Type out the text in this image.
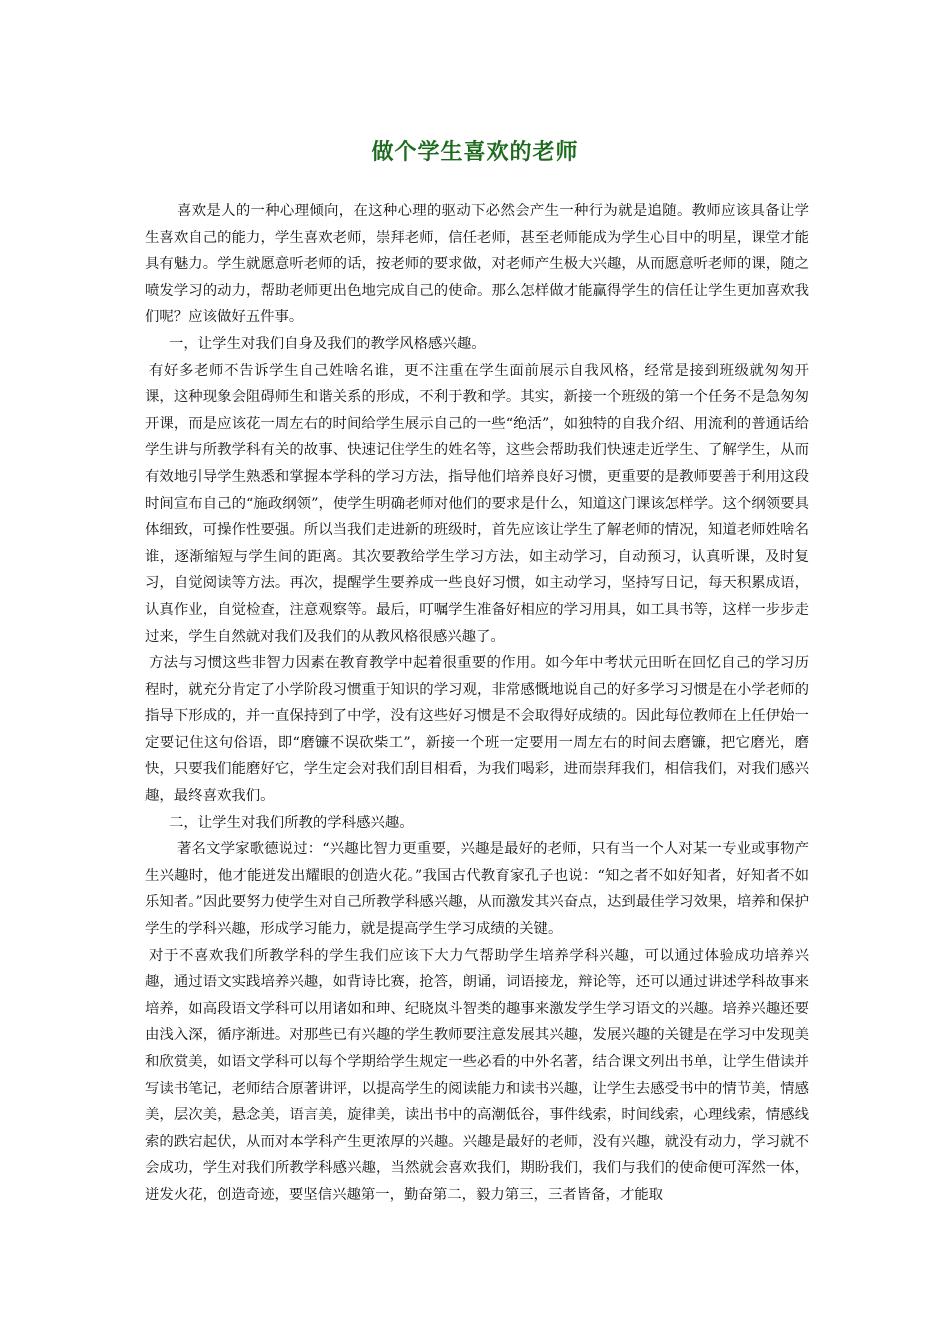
做个学生喜欢的老师

喜欢是人的一种心理倾向，在这种心理的驱动下必然会产生一种行为就是追随。教师应该具备让学生喜欢自己的能力，学生喜欢老师，崇拜老师，信任老师，甚至老师能成为学生心目中的明星，课堂才能具有魅力。学生就愿意听老师的话，按老师的要求做，对老师产生极大兴趣，从而愿意听老师的课，随之喷发学习的动力，帮助老师更出色地完成自己的使命。那么怎样做才能赢得学生的信任让学生更加喜欢我们呢？应该做好五件事。

一，让学生对我们自身及我们的教学风格感兴趣。

有好多老师不告诉学生自己姓啥名谁，更不注重在学生面前展示自我风格，经常是接到班级就匆匆开课，这种现象会阻碍师生和谐关系的形成，不利于教和学。其实，新接一个班级的第一个任务不是急匆匆开课，而是应该花一周左右的时间给学生展示自己的一些“绝活”，如独特的自我介绍、用流利的普通话给学生讲与所教学科有关的故事、快速记住学生的姓名等，这些会帮助我们快速走近学生、了解学生，从而有效地引导学生熟悉和掌握本学科的学习方法，指导他们培养良好习惯，更重要的是教师要善于利用这段时间宣布自己的“施政纲领”，使学生明确老师对他们的要求是什么，知道这门课该怎样学。这个纲领要具体细致，可操作性要强。所以当我们走进新的班级时，首先应该让学生了解老师的情况，知道老师姓啥名谁，逐渐缩短与学生间的距离。其次要教给学生学习方法，如主动学习，自动预习，认真听课，及时复习，自觉阅读等方法。再次，提醒学生要养成一些良好习惯，如主动学习，坚持写日记，每天积累成语，认真作业，自觉检查，注意观察等。最后，叮嘱学生准备好相应的学习用具，如工具书等，这样一步步走过来，学生自然就对我们及我们的从教风格很感兴趣了。

方法与习惯这些非智力因素在教育教学中起着很重要的作用。如今年中考状元田昕在回忆自己的学习历程时，就充分肯定了小学阶段习惯重于知识的学习观，非常感慨地说自己的好多学习习惯是在小学老师的指导下形成的，并一直保持到了中学，没有这些好习惯是不会取得好成绩的。因此每位教师在上任伊始一定要记住这句俗语，即“磨镰不误砍柴工”，新接一个班一定要用一周左右的时间去磨镰，把它磨光，磨快，只要我们能磨好它，学生定会对我们刮目相看，为我们喝彩，进而崇拜我们，相信我们，对我们感兴趣，最终喜欢我们。

二，让学生对我们所教的学科感兴趣。

著名文学家歌德说过：“兴趣比智力更重要，兴趣是最好的老师，只有当一个人对某一专业或事物产生兴趣时，他才能迸发出耀眼的创造火花。”我国古代教育家孔子也说：“知之者不如好知者，好知者不如乐知者。”因此要努力使学生对自己所教学科感兴趣，从而激发其兴奋点，达到最佳学习效果，培养和保护学生的学科兴趣，形成学习能力，就是提高学生学习成绩的关键。

对于不喜欢我们所教学科的学生我们应该下大力气帮助学生培养学科兴趣，可以通过体验成功培养兴趣，通过语文实践培养兴趣，如背诗比赛，抢答，朗诵，词语接龙，辩论等，还可以通过讲述学科故事来培养，如高段语文学科可以用诸如和珅、纪晓岚斗智类的趣事来激发学生学习语文的兴趣。培养兴趣还要由浅入深，循序渐进。对那些已有兴趣的学生教师要注意发展其兴趣，发展兴趣的关键是在学习中发现美和欣赏美，如语文学科可以每个学期给学生规定一些必看的中外名著，结合课文列出书单，让学生借读并写读书笔记，老师结合原著讲评，以提高学生的阅读能力和读书兴趣，让学生去感受书中的情节美，情感美，层次美，悬念美，语言美，旋律美，读出书中的高潮低谷，事件线索，时间线索，心理线索，情感线索的跌宕起伏，从而对本学科产生更浓厚的兴趣。兴趣是最好的老师，没有兴趣，就没有动力，学习就不会成功，学生对我们所教学科感兴趣，当然就会喜欢我们，期盼我们，我们与我们的使命便可浑然一体，迸发火花，创造奇迹，要坚信兴趣第一，勤奋第二，毅力第三，三者皆备，才能取
